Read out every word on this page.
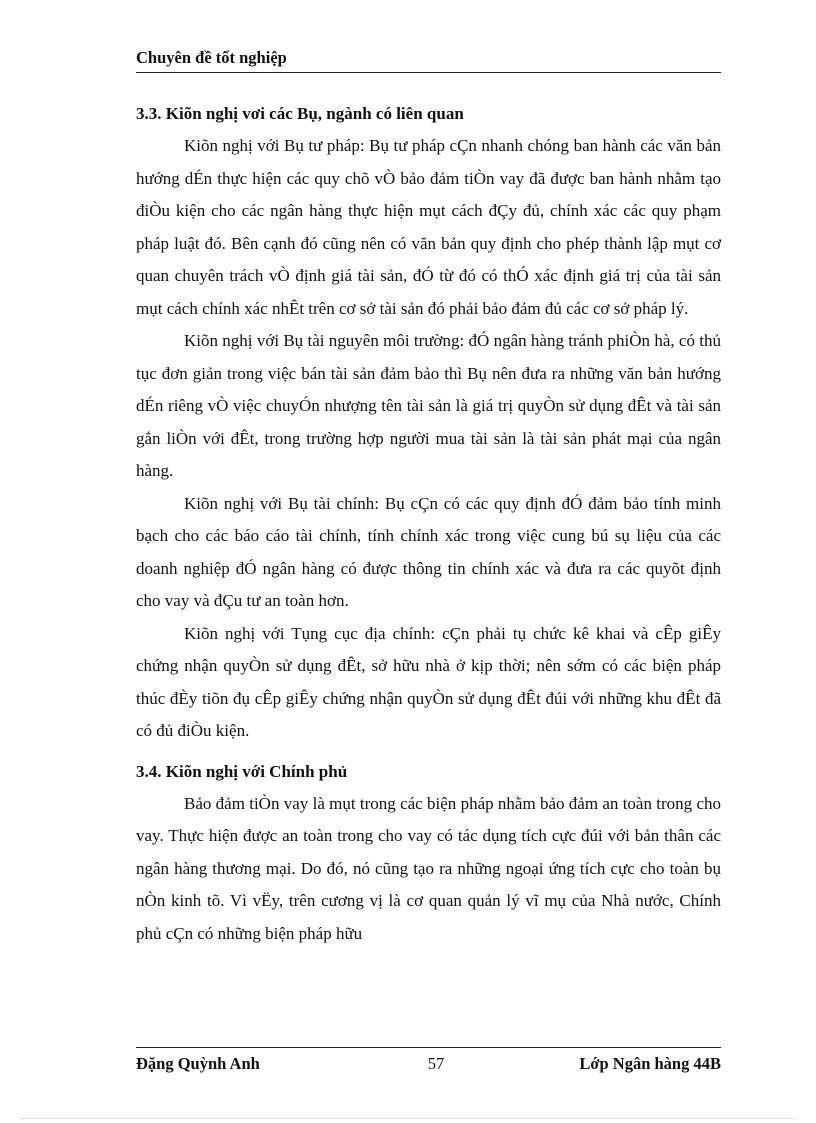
Chuyên đề tốt nghiệp

3.3. Kiõn nghị vơi các Bụ, ngành có liên quan

Kiõn nghị với Bụ tư pháp: Bụ tư pháp cÇn nhanh chóng ban hành các văn bản hướng dÉn thực hiện các quy chõ vÒ bảo đảm tiÒn vay đã được ban hành nhằm tạo điÒu kiện cho các ngân hàng thực hiện mụt cách đÇy đủ, chính xác các quy phạm pháp luật đó. Bên cạnh đó cũng nên có văn bản quy định cho phép thành lập mụt cơ quan chuyên trách vÒ định giá tài sản, đÓ từ đó có thÓ xác định giá trị của tài sản mụt cách chính xác nhÊt trên cơ sở tài sản đó phải bảo đảm đủ các cơ sở pháp lý.

Kiõn nghị với Bụ tài nguyên môi trường: đÓ ngân hàng tránh phiÒn hà, có thủ tục đơn giản trong việc bán tài sản đảm bảo thì Bụ nên đưa ra những văn bản hướng dÉn riêng vÒ việc chuyÓn nhượng tên tài sản là giá trị quyÒn sử dụng đÊt và tài sản gắn liÒn với đÊt, trong trường hợp người mua tài sản là tài sản phát mại của ngân hàng.

Kiõn nghị với Bụ tài chính: Bụ cÇn có các quy định đÓ đảm bảo tính minh bạch cho các báo cáo tài chính, tính chính xác trong việc cung bú sụ liệu của các doanh nghiệp đÓ ngân hàng có được thông tin chính xác và đưa ra các quyõt định cho vay và đÇu tư an toàn hơn.

Kiõn nghị với Tụng cục địa chính: cÇn phải tụ chức kê khai và cÊp giÊy chứng nhận quyÒn sử dụng đÊt, sở hữu nhà ở kịp thời; nên sớm có các biện pháp thúc đÈy tiõn đụ cÊp giÊy chứng nhận quyÒn sử dụng đÊt đúi với những khu đÊt đã có đủ điÒu kiện.

3.4. Kiõn nghị với Chính phủ

Bảo đảm tiÒn vay là mụt trong các biện pháp nhằm bảo đảm an toàn trong cho vay. Thực hiện được an toàn trong cho vay có tác dụng tích cực đúi với bản thân các ngân hàng thương mại. Do đó, nó cũng tạo ra những ngoại ứng tích cực cho toàn bụ nÒn kinh tõ. Vì vËy, trên cương vị là cơ quan quản lý vĩ mụ của Nhà nước, Chính phủ cÇn có những biện pháp hữu

Đặng Quỳnh Anh	57	Lớp Ngân hàng 44B
